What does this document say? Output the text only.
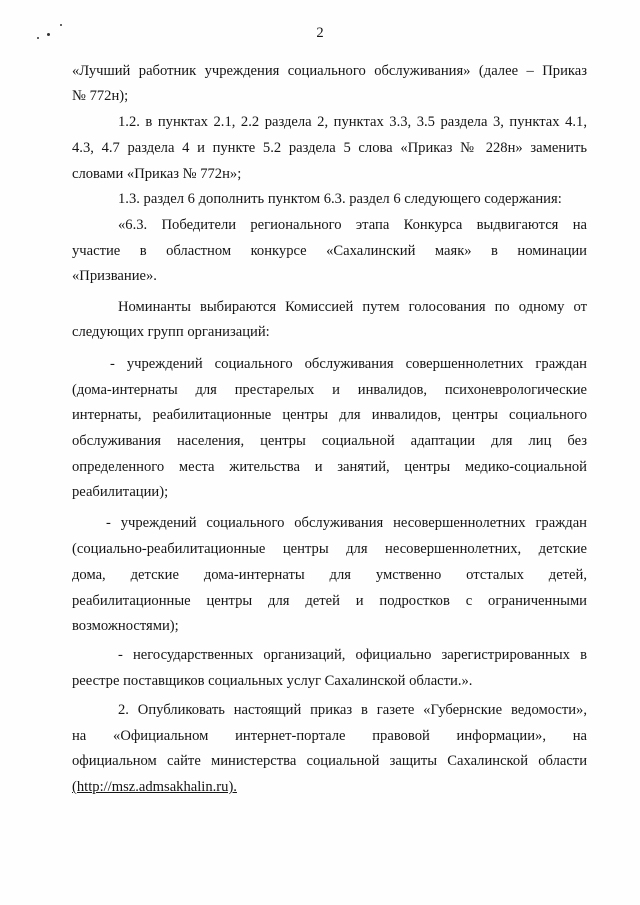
2
«Лучший работник учреждения социального обслуживания» (далее – Приказ
№ 772н);
1.2. в пунктах 2.1, 2.2 раздела 2, пунктах 3.3, 3.5 раздела 3, пунктах 4.1,
4.3, 4.7 раздела 4 и пункте 5.2 раздела 5 слова «Приказ № 228н» заменить
словами «Приказ № 772н»;
1.3. раздел 6 дополнить пунктом 6.3. раздел 6 следующего содержания:
«6.3. Победители регионального этапа Конкурса выдвигаются на
участие в областном конкурсе «Сахалинский маяк» в номинации
«Призвание».
Номинанты выбираются Комиссией путем голосования по одному от
следующих групп организаций:
- учреждений социального обслуживания совершеннолетних граждан
(дома-интернаты для престарелых и инвалидов, психоневрологические
интернаты, реабилитационные центры для инвалидов, центры социального
обслуживания населения, центры социальной адаптации для лиц без
определенного места жительства и занятий, центры медико-социальной
реабилитации);
- учреждений социального обслуживания несовершеннолетних граждан
(социально-реабилитационные центры для несовершеннолетних, детские
дома, детские дома-интернаты для умственно отсталых детей,
реабилитационные центры для детей и подростков с ограниченными
возможностями);
- негосударственных организаций, официально зарегистрированных в
реестре поставщиков социальных услуг Сахалинской области.».
2. Опубликовать настоящий приказ в газете «Губернские ведомости»,
на «Официальном интернет-портале правовой информации», на
официальном сайте министерства социальной защиты Сахалинской области
(http://msz.admsakhalin.ru).
